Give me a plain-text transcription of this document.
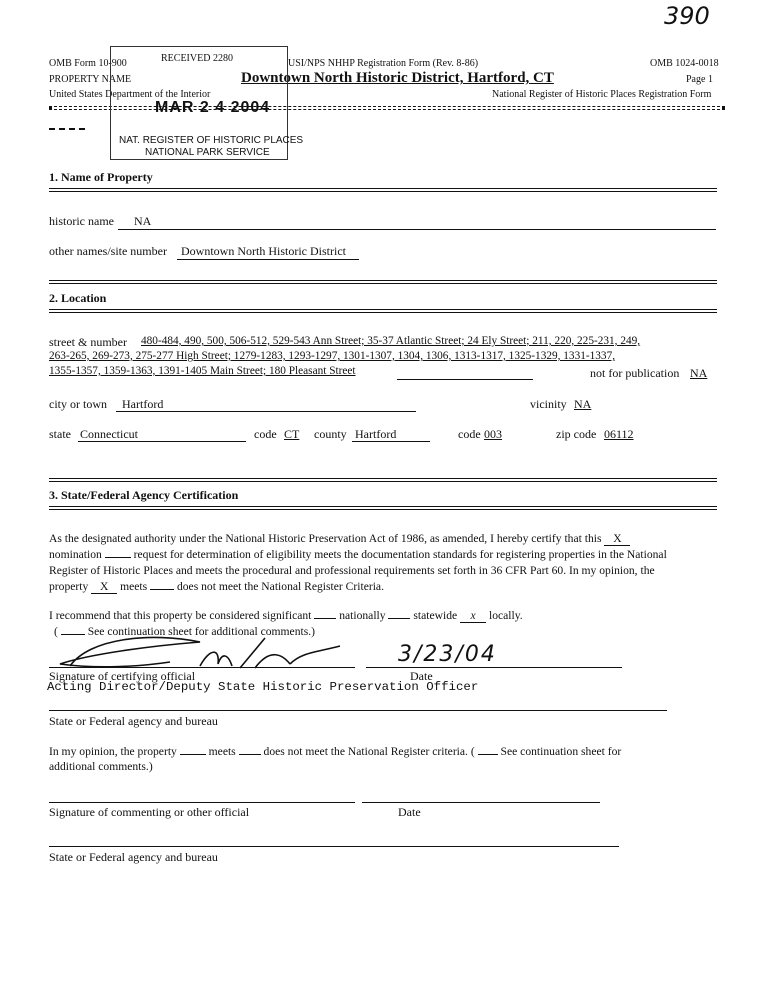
390
OMB Form 10-900	USI/NPS NHHP Registration Form (Rev. 8-86)	OMB 1024-0018
PROPERTY NAME	Downtown North Historic District, Hartford, CT	Page 1
United States Department of the Interior	National Register of Historic Places Registration Form
RECEIVED 2280
MAR 2 4 2004
NAT. REGISTER OF HISTORIC PLACES
NATIONAL PARK SERVICE
1. Name of Property
historic name NA
other names/site number Downtown North Historic District
2. Location
street & number 480-484, 490, 500, 506-512, 529-543 Ann Street; 35-37 Atlantic Street; 24 Ely Street; 211, 220, 225-231, 249,
263-265, 269-273, 275-277 High Street; 1279-1283, 1293-1297, 1301-1307, 1304, 1306, 1313-1317, 1325-1329, 1331-1337,
1355-1357, 1359-1363, 1391-1405 Main Street; 180 Pleasant Street	not for publication NA
city or town Hartford	vicinity NA
state Connecticut	code CT county Hartford	code 003	zip code 06112
3. State/Federal Agency Certification
As the designated authority under the National Historic Preservation Act of 1986, as amended, I hereby certify that this X
nomination	request for determination of eligibility meets the documentation standards for registering properties in the National
Register of Historic Places and meets the procedural and professional requirements set forth in 36 CFR Part 60. In my opinion, the
property X meets	does not meet the National Register Criteria.
I recommend that this property be considered significant nationally statewide x locally.
(	See continuation sheet for additional comments.)
3/23/04
Signature of certifying official	Date
Acting Director/Deputy State Historic Preservation Officer
State or Federal agency and bureau
In my opinion, the property	meets does not meet the National Register criteria. ( See continuation sheet for
additional comments.)
Signature of commenting or other official	Date
State or Federal agency and bureau
